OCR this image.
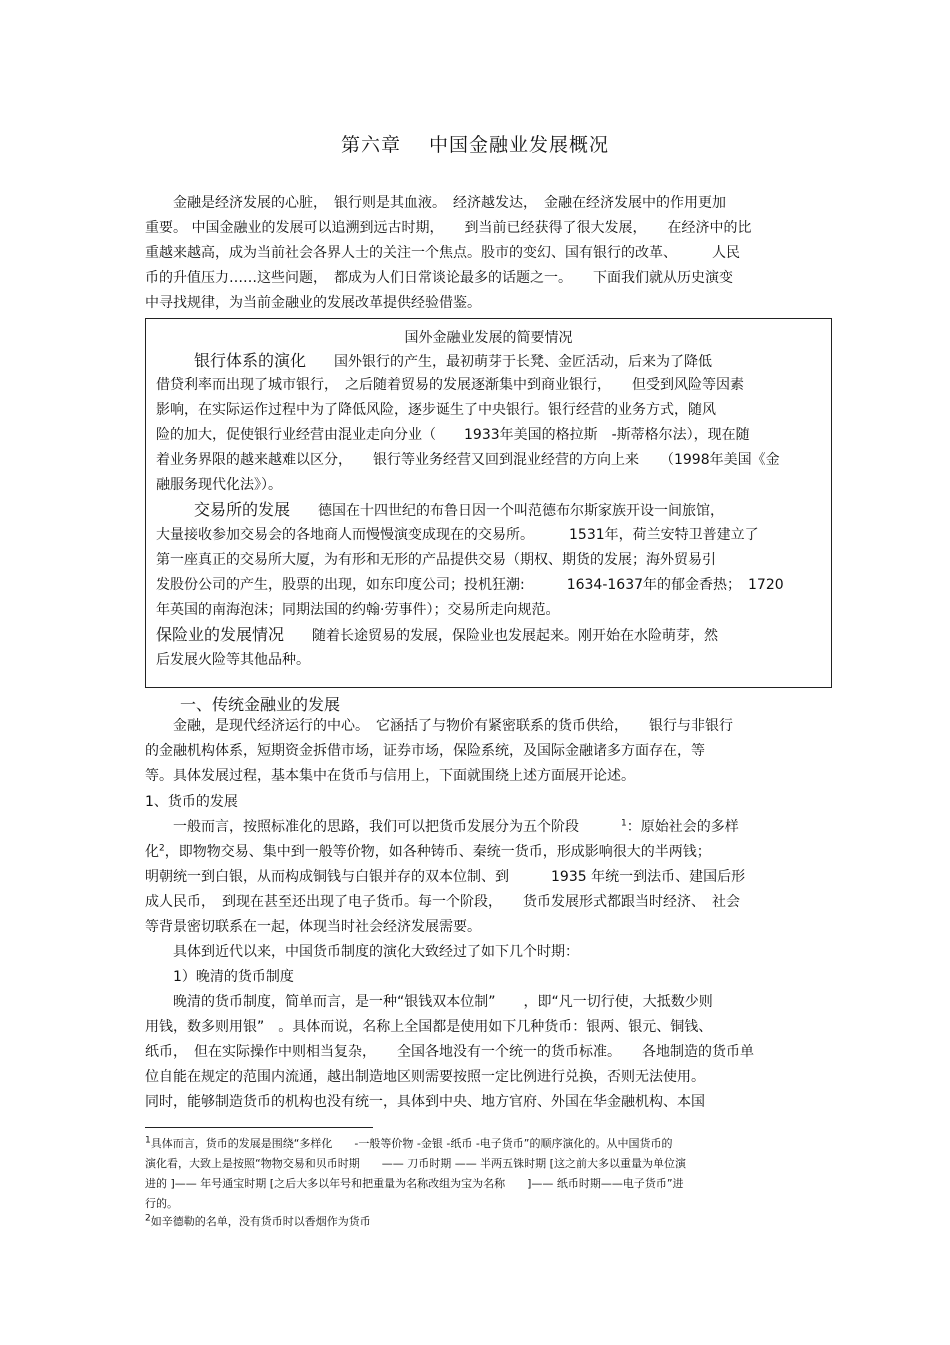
第六章 中国金融业发展概况
　　金融是经济发展的心脏，　银行则是其血液。　经济越发达，　金融在经济发展中的作用更加
重要。 中国金融业的发展可以追溯到远古时期，　　到当前已经获得了很大发展，　　在经济中的比
重越来越高，成为当前社会各界人士的关注一个焦点。股市的变幻、国有银行的改革、　　　人民
币的升值压力……这些问题，　都成为人们日常谈论最多的话题之一。　　下面我们就从历史演变
中寻找规律，为当前金融业的发展改革提供经验借鉴。
国外金融业发展的简要情况
银行体系的演化　　 国外银行的产生，最初萌芽于长凳、金匠活动，后来为了降低
借贷利率而出现了城市银行，　之后随着贸易的发展逐渐集中到商业银行，　　但受到风险等因素
影响，在实际运作过程中为了降低风险，逐步诞生了中央银行。银行经营的业务方式，随风
险的加大，促使银行业经营由混业走向分业（　　1933年美国的格拉斯　-斯蒂格尔法），现在随
着业务界限的越来越难以区分，　　银行等业务经营又回到混业经营的方向上来　　（1998年美国《金
融服务现代化法》）。
交易所的发展　　 德国在十四世纪的布鲁日因一个叫范德布尔斯家族开设一间旅馆，
大量接收参加交易会的各地商人而慢慢演变成现在的交易所。　　　1531年，荷兰安特卫普建立了
第一座真正的交易所大厦，为有形和无形的产品提供交易（期权、期货的发展；海外贸易引
发股份公司的产生，股票的出现，如东印度公司；投机狂潮:　　　1634-1637年的郁金香热；　1720
年英国的南海泡沫；同期法国的约翰·劳事件）；交易所走向规范。
保险业的发展情况　　 随着长途贸易的发展，保险业也发展起来。刚开始在水险萌芽，然
后发展火险等其他品种。
一、传统金融业的发展
　　金融，是现代经济运行的中心。　它涵括了与物价有紧密联系的货币供给，　　银行与非银行
的金融机构体系，短期资金拆借市场，证券市场，保险系统，及国际金融诸多方面存在，等
等。具体发展过程，基本集中在货币与信用上，下面就围绕上述方面展开论述。
1、货币的发展
　　一般而言，按照标准化的思路，我们可以把货币发展分为五个阶段　　　	$^1$：原始社会的多样
化$^2$，即物物交易、集中到一般等价物，如各种铸币、秦统一货币，形成影响很大的半两钱；
明朝统一到白银，从而构成铜钱与白银并存的双本位制、到　　　1935 年统一到法币、建国后形
成人民币，　到现在甚至还出现了电子货币。每一个阶段，　　货币发展形式都跟当时经济、　社会
等背景密切联系在一起，体现当时社会经济发展需要。
　　具体到近代以来，中国货币制度的演化大致经过了如下几个时期：
　　1）晚清的货币制度
　　晚清的货币制度，简单而言，是一种“银钱双本位制”　　，即“凡一切行使，大抵数少则
用钱，数多则用银”　。具体而说，名称上全国都是使用如下几种货币：银两、银元、铜钱、
纸币，　但在实际操作中则相当复杂，　　全国各地没有一个统一的货币标准。　　各地制造的货币单
位自能在规定的范围内流通，越出制造地区则需要按照一定比例进行兑换，否则无法使用。
同时，能够制造货币的机构也没有统一，具体到中央、地方官府、外国在华金融机构、本国
$^1$具体而言，货币的发展是围绕“多样化　　-一般等价物 -金银 -纸币 -电子货币”的顺序演化的。从中国货币的
演化看，大致上是按照“物物交易和贝币时期　　—— 刀币时期 —— 半两五铢时期 [这之前大多以重量为单位演
进的 ]—— 年号通宝时期 [之后大多以年号和把重量为名称改组为宝为名称　　]—— 纸币时期——电子货币”进
行的。
$^2$如辛德勒的名单，没有货币时以香烟作为货币
